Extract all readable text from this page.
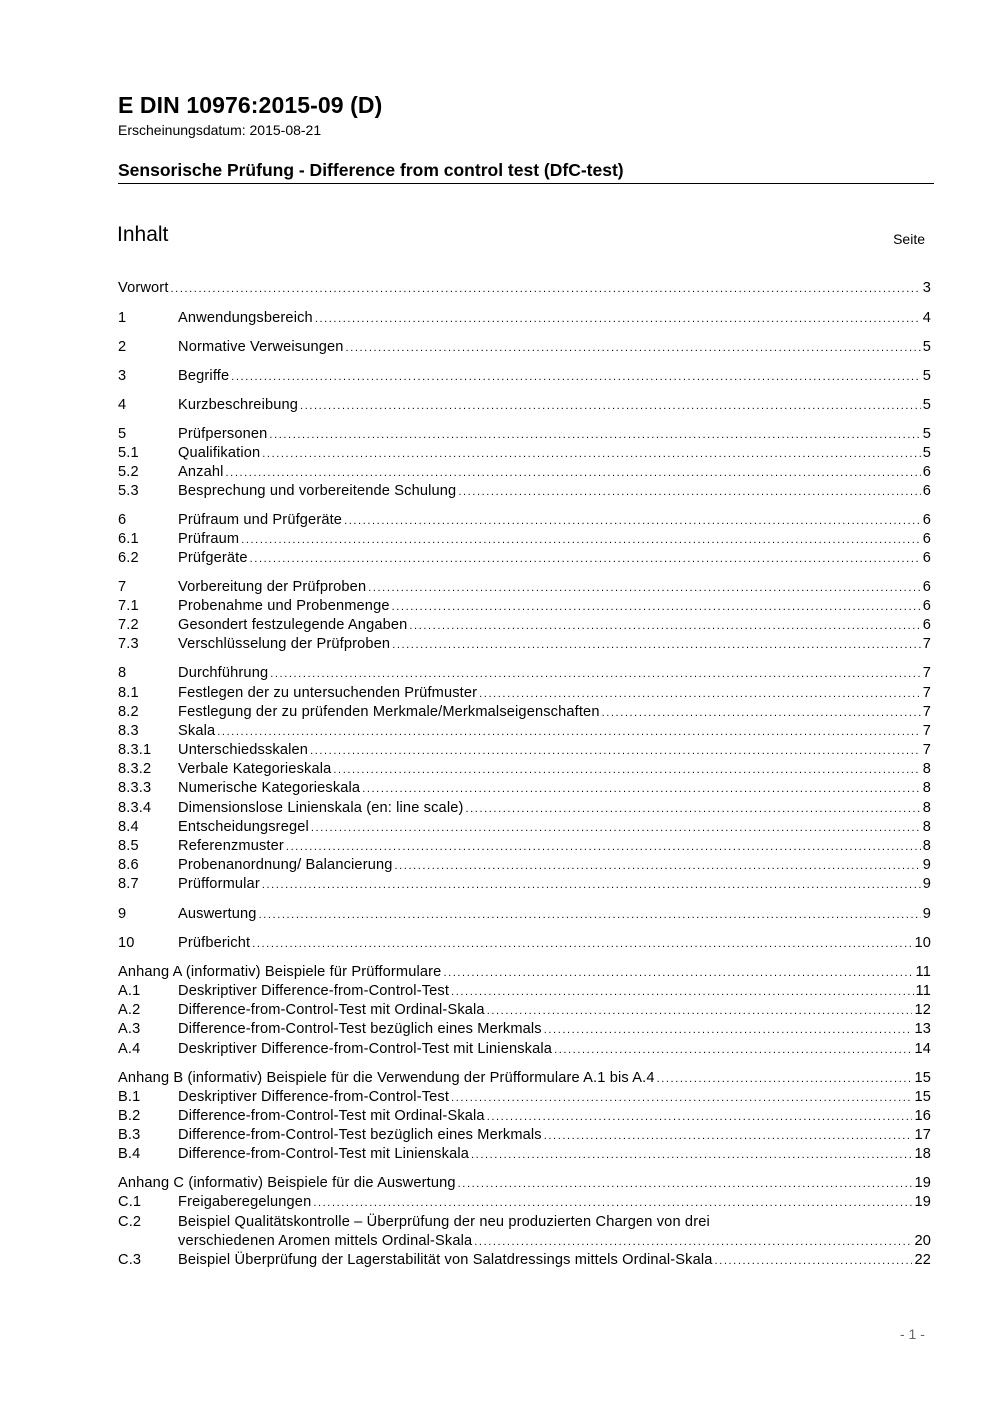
E DIN 10976:2015-09 (D)
Erscheinungsdatum: 2015-08-21
Sensorische Prüfung - Difference from control test (DfC-test)
Inhalt	Seite
Vorwort .....	3
1	Anwendungsbereich .....	4
2	Normative Verweisungen .....	5
3	Begriffe .....	5
4	Kurzbeschreibung .....	5
5	Prüfpersonen .....	5
5.1	Qualifikation .....	5
5.2	Anzahl .....	6
5.3	Besprechung und vorbereitende Schulung .....	6
6	Prüfraum und Prüfgeräte .....	6
6.1	Prüfraum .....	6
6.2	Prüfgeräte .....	6
7	Vorbereitung der Prüfproben .....	6
7.1	Probenahme und Probenmenge .....	6
7.2	Gesondert festzulegende Angaben .....	6
7.3	Verschlüsselung der Prüfproben .....	7
8	Durchführung .....	7
8.1	Festlegen der zu untersuchenden Prüfmuster .....	7
8.2	Festlegung der zu prüfenden Merkmale/Merkmalseigenschaften .....	7
8.3	Skala .....	7
8.3.1 Unterschiedsskalen .....	7
8.3.2 Verbale Kategorieskala .....	8
8.3.3 Numerische Kategorieskala .....	8
8.3.4 Dimensionslose Linienskala (en: line scale) .....	8
8.4	Entscheidungsregel .....	8
8.5	Referenzmuster .....	8
8.6	Probenanordnung/ Balancierung .....	9
8.7	Prüfformular .....	9
9	Auswertung .....	9
10	Prüfbericht .....	10
Anhang A (informativ) Beispiele für Prüfformulare .....	11
A.1	Deskriptiver Difference-from-Control-Test .....	11
A.2	Difference-from-Control-Test mit Ordinal-Skala .....	12
A.3	Difference-from-Control-Test bezüglich eines Merkmals .....	13
A.4	Deskriptiver Difference-from-Control-Test mit Linienskala .....	14
Anhang B (informativ) Beispiele für die Verwendung der Prüfformulare A.1 bis A.4 .....	15
B.1	Deskriptiver Difference-from-Control-Test .....	15
B.2	Difference-from-Control-Test mit Ordinal-Skala .....	16
B.3	Difference-from-Control-Test bezüglich eines Merkmals .....	17
B.4	Difference-from-Control-Test mit Linienskala .....	18
Anhang C (informativ) Beispiele für die Auswertung .....	19
C.1	Freigaberegelungen .....	19
C.2	Beispiel Qualitätskontrolle – Überprüfung der neu produzierten Chargen von drei
verschiedenen Aromen mittels Ordinal-Skala .....	20
C.3	Beispiel Überprüfung der Lagerstabilität von Salatdressings mittels Ordinal-Skala .....	22
- 1 -
